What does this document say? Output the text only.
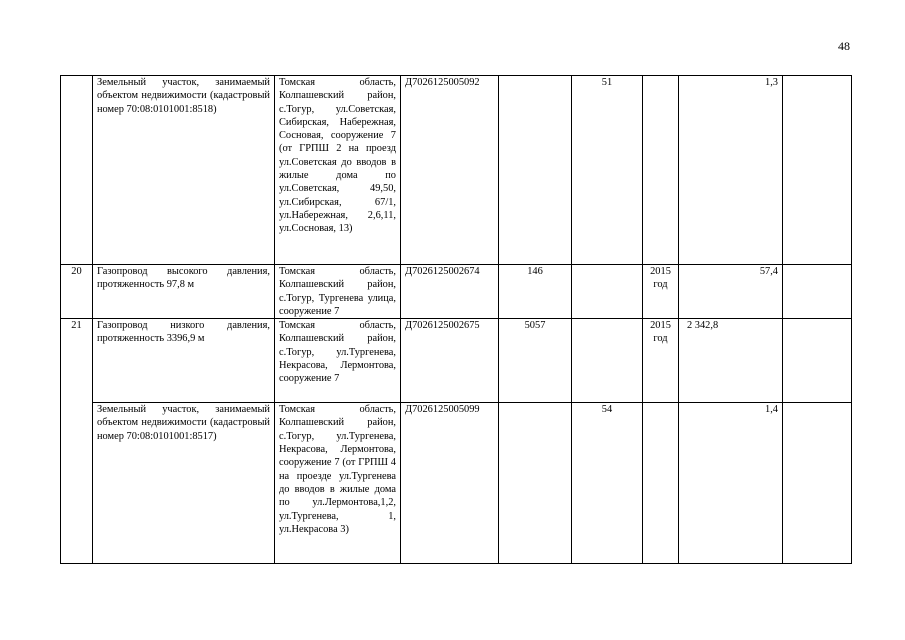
48
	Земельный участок, занимаемый объектом недвижимости (кадастровый номер 70:08:0101001:8518)	Томская область, Колпашевский район, с.Тогур, ул.Советская, Сибирская, Набережная, Сосновая, сооружение 7 (от ГРПШ 2 на проезд ул.Советская до вводов в жилые дома по ул.Советская, 49,50, ул.Сибирская, 67/1, ул.Набережная, 2,6,11, ул.Сосновая, 13)	Д7026125005092		51		1,3	
20	Газопровод высокого давления, протяженность 97,8 м	Томская область, Колпашевский район, с.Тогур, Тургенева улица, сооружение 7	Д7026125002674	146		2015 год	57,4	
21	Газопровод низкого давления, протяженность 3396,9 м	Томская область, Колпашевский район, с.Тогур, ул.Тургенева, Некрасова, Лермонтова, сооружение 7	Д7026125002675	5057		2015 год	2 342,8	
	Земельный участок, занимаемый объектом недвижимости (кадастровый номер 70:08:0101001:8517)	Томская область, Колпашевский район, с.Тогур, ул.Тургенева, Некрасова, Лермонтова, сооружение 7 (от ГРПШ 4 на проезде ул.Тургенева до вводов в жилые дома по ул.Лермонтова,1,2, ул.Тургенева, 1, ул.Некрасова 3)	Д7026125005099		54		1,4	
